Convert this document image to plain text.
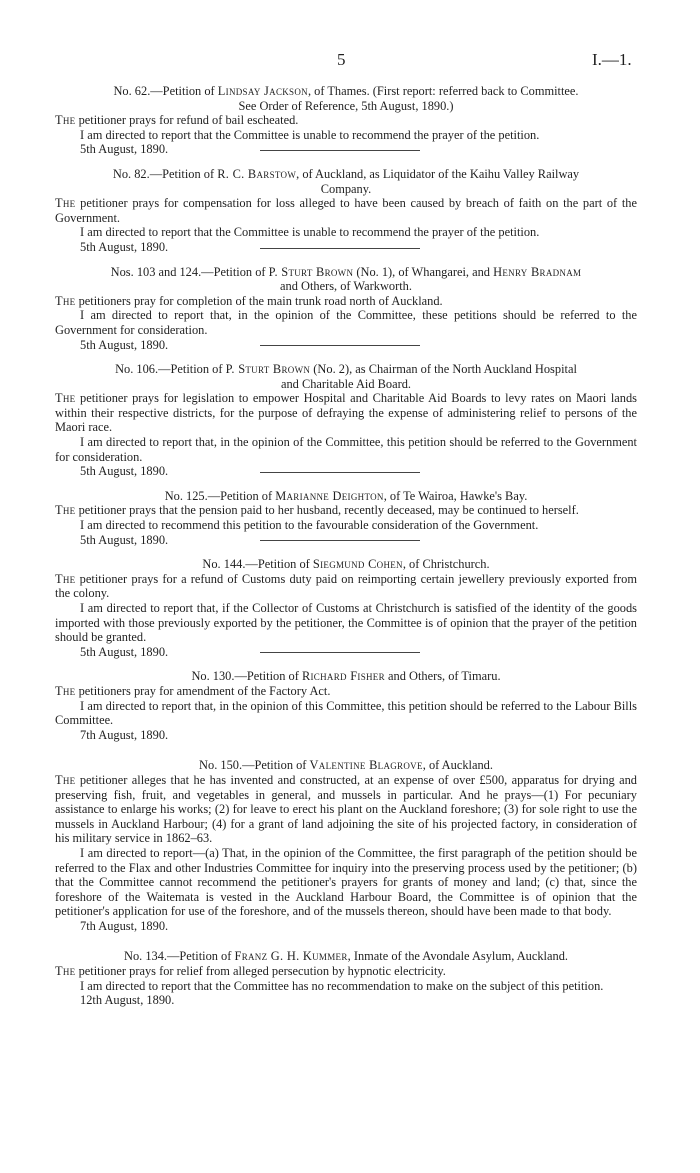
5	I.—1.
No. 62.—Petition of Lindsay Jackson, of Thames. (First report: referred back to Committee.
See Order of Reference, 5th August, 1890.)

The petitioner prays for refund of bail escheated.

I am directed to report that the Committee is unable to recommend the prayer of the petition.

5th August, 1890.
No. 82.—Petition of R. C. Barstow, of Auckland, as Liquidator of the Kaihu Valley Railway
Company.

The petitioner prays for compensation for loss alleged to have been caused by breach of faith on the part of the Government.

I am directed to report that the Committee is unable to recommend the prayer of the petition.

5th August, 1890.
Nos. 103 and 124.—Petition of P. Sturt Brown (No. 1), of Whangarei, and Henry Bradnam
and Others, of Warkworth.

The petitioners pray for completion of the main trunk road north of Auckland.

I am directed to report that, in the opinion of the Committee, these petitions should be referred to the Government for consideration.

5th August, 1890.
No. 106.—Petition of P. Sturt Brown (No. 2), as Chairman of the North Auckland Hospital
and Charitable Aid Board.

The petitioner prays for legislation to empower Hospital and Charitable Aid Boards to levy rates on Maori lands within their respective districts, for the purpose of defraying the expense of administering relief to persons of the Maori race.

I am directed to report that, in the opinion of the Committee, this petition should be referred to the Government for consideration.

5th August, 1890.
No. 125.—Petition of Marianne Deighton, of Te Wairoa, Hawke's Bay.

The petitioner prays that the pension paid to her husband, recently deceased, may be continued to herself.

I am directed to recommend this petition to the favourable consideration of the Government.

5th August, 1890.
No. 144.—Petition of Siegmund Cohen, of Christchurch.

The petitioner prays for a refund of Customs duty paid on reimporting certain jewellery previously exported from the colony.

I am directed to report that, if the Collector of Customs at Christchurch is satisfied of the identity of the goods imported with those previously exported by the petitioner, the Committee is of opinion that the prayer of the petition should be granted.

5th August, 1890.
No. 130.—Petition of Richard Fisher and Others, of Timaru.

The petitioners pray for amendment of the Factory Act.

I am directed to report that, in the opinion of this Committee, this petition should be referred to the Labour Bills Committee.

7th August, 1890.
No. 150.—Petition of Valentine Blagrove, of Auckland.

The petitioner alleges that he has invented and constructed, at an expense of over £500, apparatus for drying and preserving fish, fruit, and vegetables in general, and mussels in particular. And he prays—(1) For pecuniary assistance to enlarge his works; (2) for leave to erect his plant on the Auckland foreshore; (3) for sole right to use the mussels in Auckland Harbour; (4) for a grant of land adjoining the site of his projected factory, in consideration of his military service in 1862–63.

I am directed to report—(a) That, in the opinion of the Committee, the first paragraph of the petition should be referred to the Flax and other Industries Committee for inquiry into the preserving process used by the petitioner; (b) that the Committee cannot recommend the petitioner's prayers for grants of money and land; (c) that, since the foreshore of the Waitemata is vested in the Auckland Harbour Board, the Committee is of opinion that the petitioner's application for use of the foreshore, and of the mussels thereon, should have been made to that body.

7th August, 1890.
No. 134.—Petition of Franz G. H. Kummer, Inmate of the Avondale Asylum, Auckland.

The petitioner prays for relief from alleged persecution by hypnotic electricity.

I am directed to report that the Committee has no recommendation to make on the subject of this petition.

12th August, 1890.
